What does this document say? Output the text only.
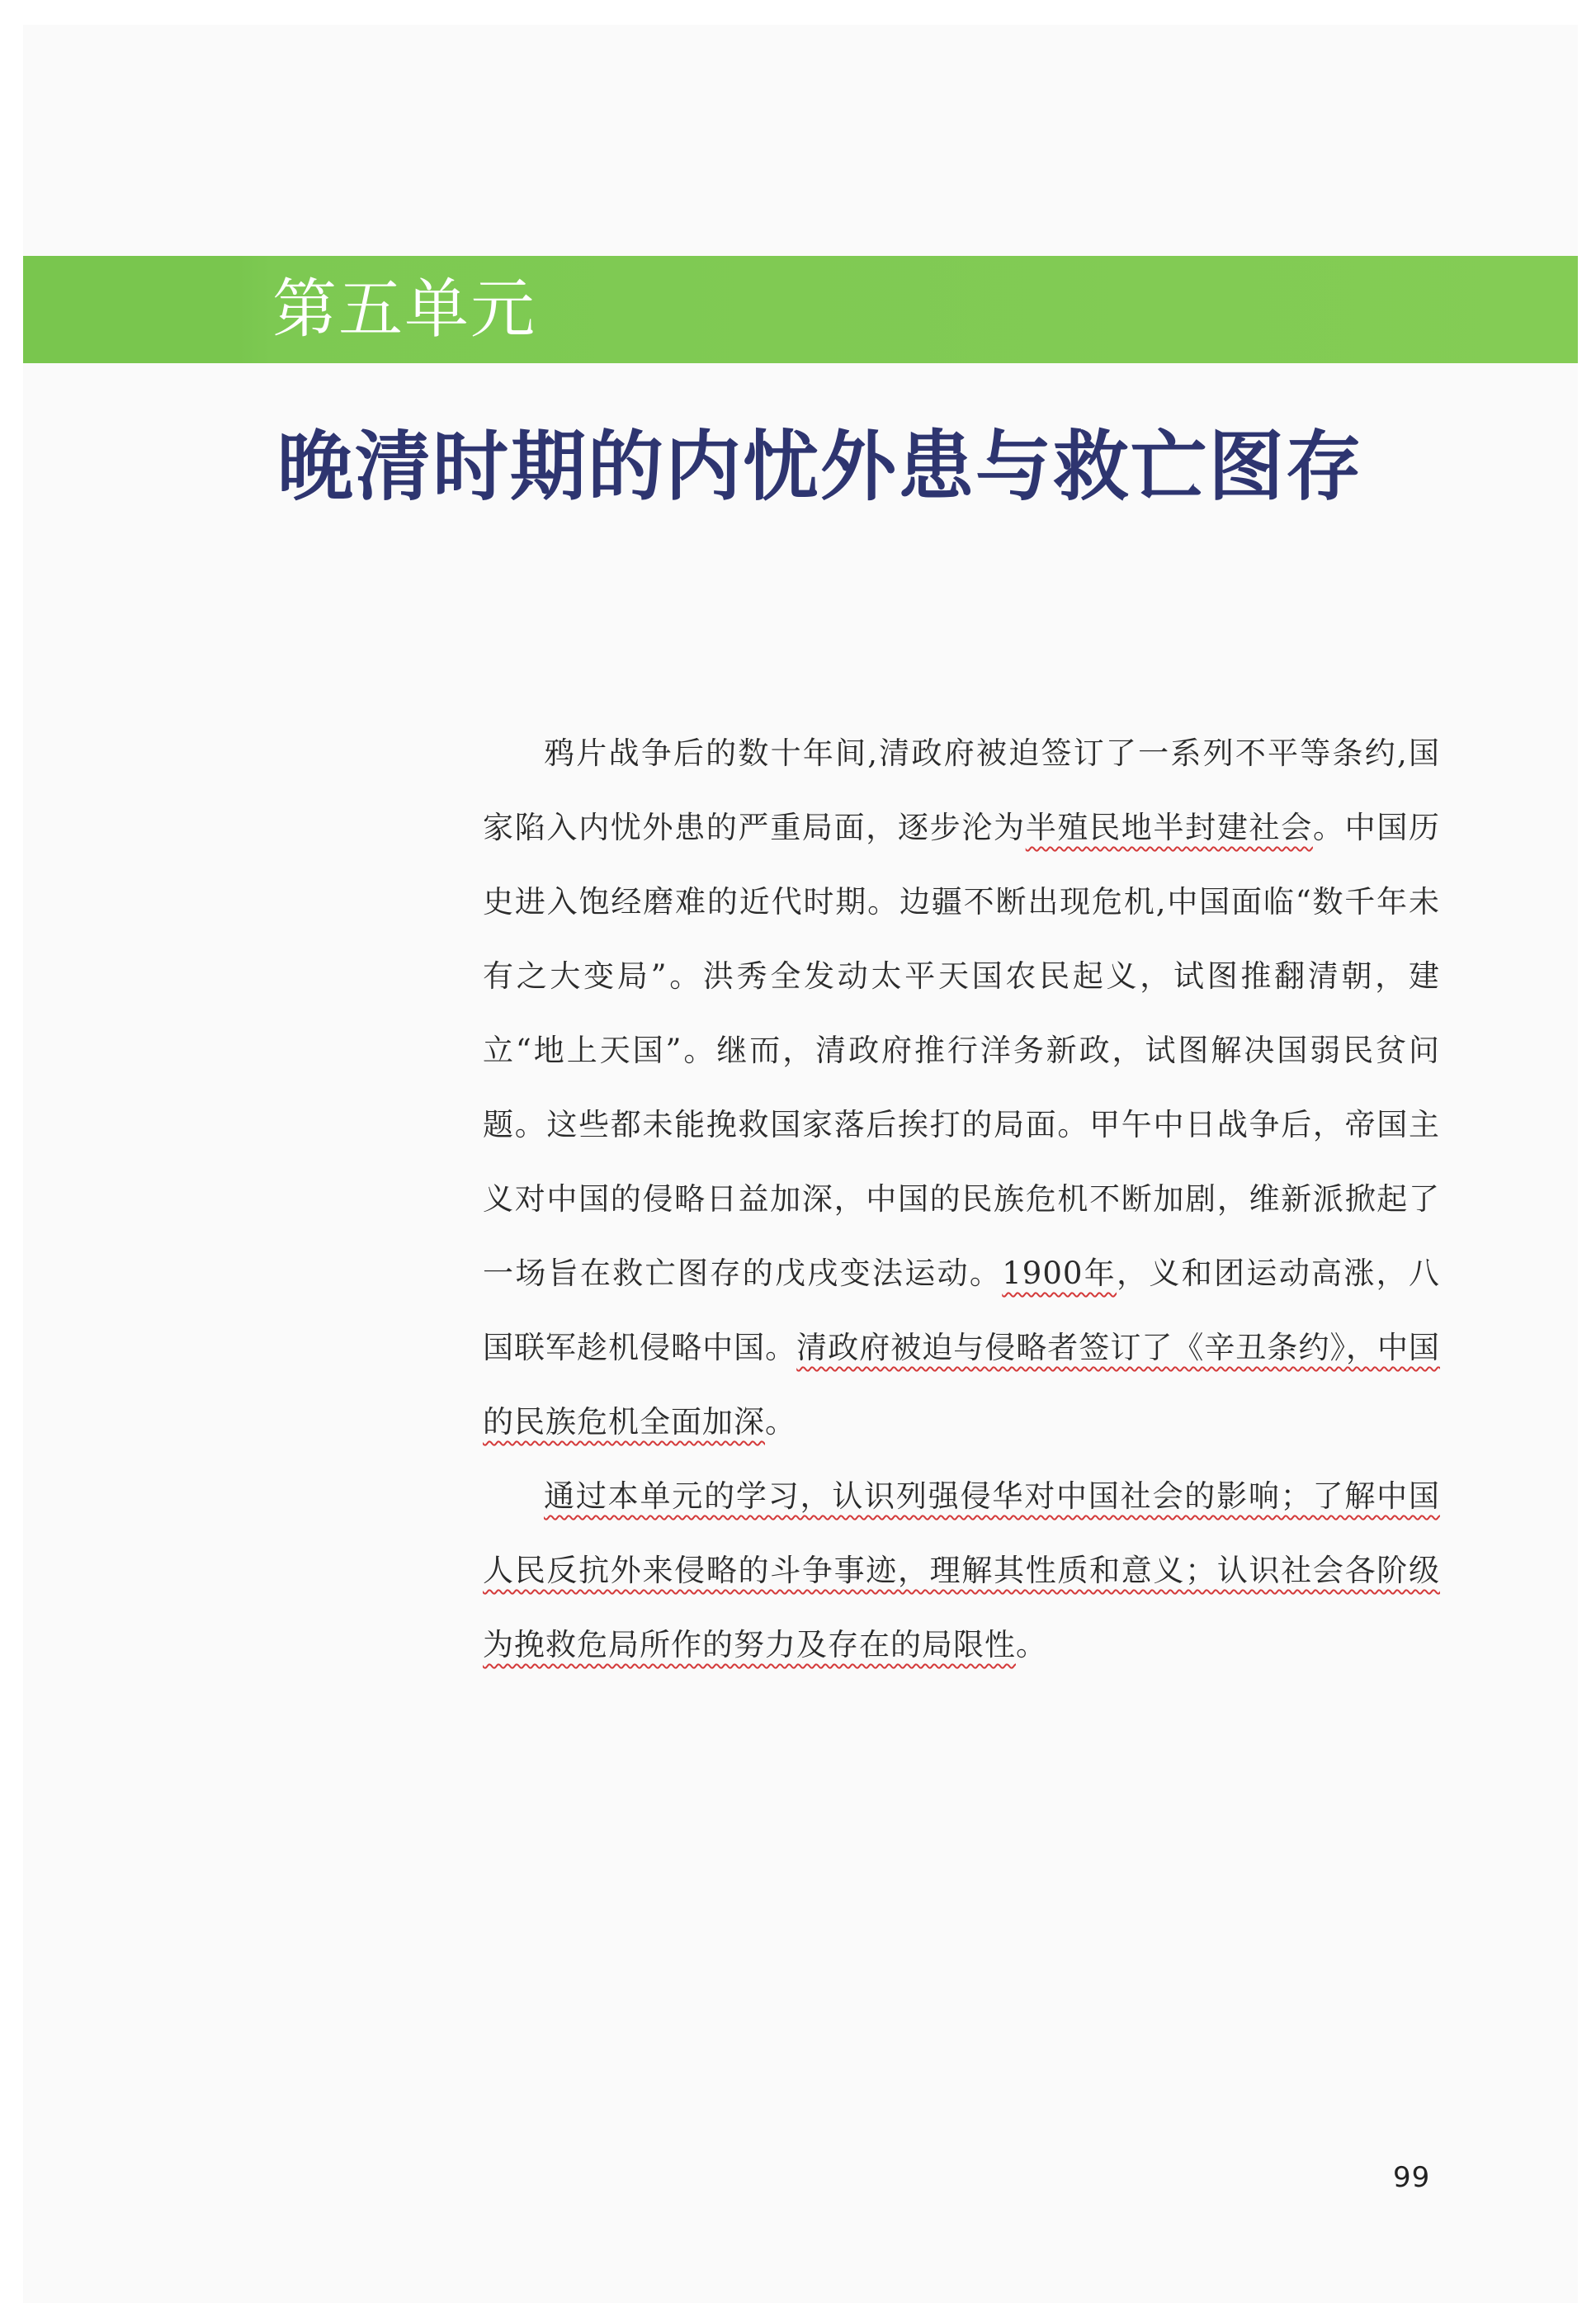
第五单元
晚清时期的内忧外患与救亡图存

鸦片战争后的数十年间,清政府被迫签订了一系列不平等条约,国家陷入内忧外患的严重局面，逐步沦为半殖民地半封建社会。中国历史进入饱经磨难的近代时期。边疆不断出现危机,中国面临“数千年未有之大变局”。洪秀全发动太平天国农民起义，试图推翻清朝，建立“地上天国”。继而，清政府推行洋务新政，试图解决国弱民贫问题。这些都未能挽救国家落后挨打的局面。甲午中日战争后，帝国主义对中国的侵略日益加深，中国的民族危机不断加剧，维新派掀起了一场旨在救亡图存的戊戌变法运动。1900年，义和团运动高涨，八国联军趁机侵略中国。清政府被迫与侵略者签订了《辛丑条约》，中国的民族危机全面加深。

通过本单元的学习，认识列强侵华对中国社会的影响；了解中国人民反抗外来侵略的斗争事迹，理解其性质和意义；认识社会各阶级为挽救危局所作的努力及存在的局限性。

99
